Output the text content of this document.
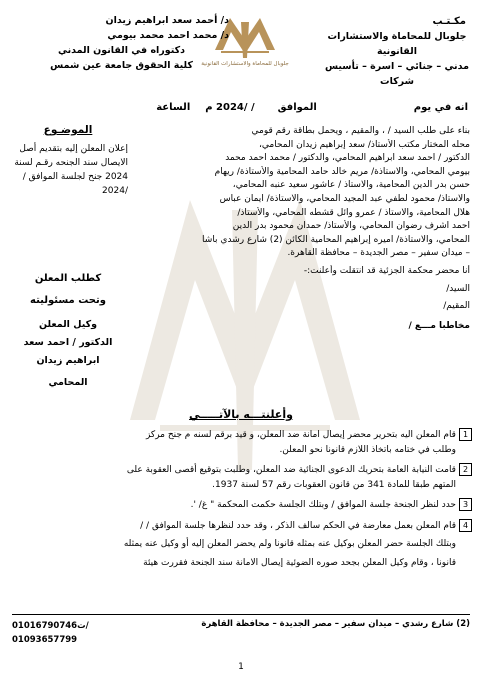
مكـتـب
جلوبال للمحاماة والاستشارات القانونية
مدني – جنائي – اسرة – تأسيس شركات
جلوبال للمحاماة والاستشارات القانونية
د/ أحمد سعد ابراهيم زيدان
د/ محمد احمد محمد بيومي
دكتوراه في القانون المدني
كلية الحقوق جامعة عين شمس
انه في يوم  الموافق  / /2024 م  الساعة
الموضـوع
إعلان المعلن إليه بتقديم أصل
الايصال سند الجنحه رقـم لسنة
2024 جنح لجلسة الموافق /
/2024
كطلب المعلن
وتحت مسئوليته
وكيل المعلن
الدكتور / احمد سعد ابراهيم زيدان
المحامي
بناء على طلب السيد / ، والمقيم ، ويحمل بطاقة رقم قومي
محله المختار مكتب الأستاذ/ سعد إبراهيم زيدان المحامي،
الدكتور / احمد سعد ابراهيم المحامي، والدكتور / محمد احمد محمد
بيومي المحامي، والاستاذة/ مريم خالد حامد المحامية والأستاذة/ ريهام
حسن بدر الدين المحامية، والاستاذ / عاشور سعيد عنبه المحامي،
والاستاذ/ محمود لطفي عبد المجيد المحامي، والاستاذة/ ايمان عباس
هلال المحامية، والاستاذ / عمرو وائل قشطه المحامي، والأستاذ/
احمد اشرف رضوان المحامي، والأستاذ/ حمدان محمود بدر الدين
المحامي، والاستاذة/ اميره إبراهيم المحامية الكائن (2) شارع رشدي باشا
– ميدان سفير – مصر الجديدة – محافظة القاهرة.
أنا محضر محكمة الجزئية قد انتقلت وأعلنت:-
السيد/
المقيم/
مخاطبا مـــع /
وأعلنتـــه بالآتـــــي
1قام المعلن اليه بتحرير محضر إيصال امانة ضد المعلن، و قيد برقم لسنه م جنح مركز
وطلب في ختامه باتخاذ اللازم قانونا نحو المعلن.
2قامت النيابة العامة بتحريك الدعوى الجنائية ضد المعلن، وطلبت بتوقيع أقصى العقوبة على
المتهم طبقا للمادة 341 من قانون العقوبات رقم 57 لسنة 1937.
3حدد لنظر الجنحة جلسة الموافق / وبتلك الجلسة حكمت المحكمة " غ/ '.
4قام المعلن بعمل معارضة في الحكم سالف الذكر ، وقد حدد لنظرها جلسة الموافق / /
وبتلك الجلسة حضر المعلن بوكيل عنه بمثله قانونا ولم يحضر المعلن إليه أو وكيل عنه يمثله
قانونا ، وقام وكيل المعلن بجحد صوره الضوئية إيصال الامانة سند الجنحة فقررت هيئة
(2) شارع رشدي – ميدان سفير – مصر الجديدة – محافظة القاهرة
01016790746ت/
01093657799
1
